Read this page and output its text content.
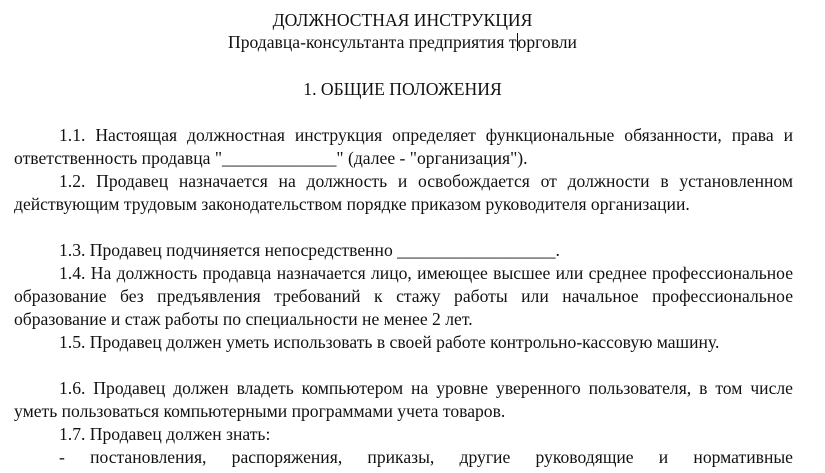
ДОЛЖНОСТНАЯ ИНСТРУКЦИЯ
Продавца-консультанта предприятия торговли
1. ОБЩИЕ ПОЛОЖЕНИЯ

1.1. Настоящая должностная инструкция определяет функциональные обязанности, права и ответственность продавца "_____________" (далее - "организация").

1.2. Продавец назначается на должность и освобождается от должности в установленном действующим трудовым законодательством порядке приказом руководителя организации.

1.3. Продавец подчиняется непосредственно __________________.

1.4. На должность продавца назначается лицо, имеющее высшее или среднее профессиональное образование без предъявления требований к стажу работы или начальное профессиональное образование и стаж работы по специальности не менее 2 лет.

1.5. Продавец должен уметь использовать в своей работе контрольно-кассовую машину.

1.6. Продавец должен владеть компьютером на уровне уверенного пользователя, в том числе уметь пользоваться компьютерными программами учета товаров.

1.7. Продавец должен знать:

- постановления, распоряжения, приказы, другие руководящие и нормативные
